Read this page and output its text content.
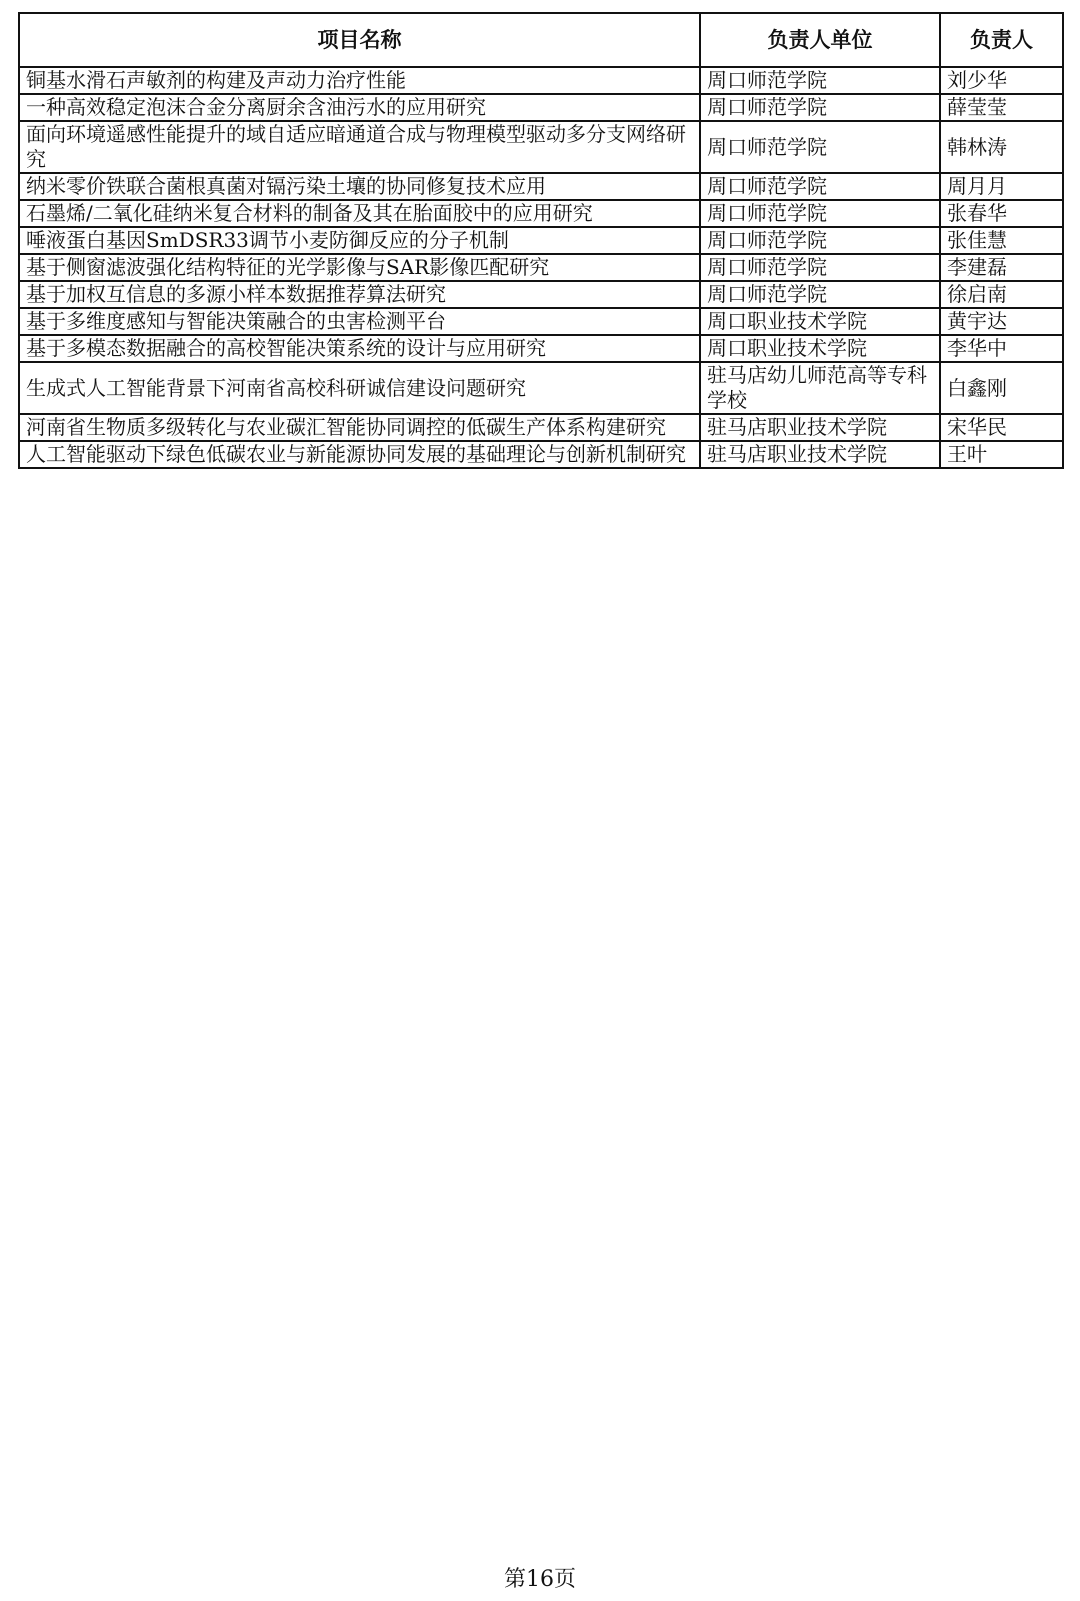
项目名称	负责人单位	负责人
铜基水滑石声敏剂的构建及声动力治疗性能	周口师范学院	刘少华
一种高效稳定泡沫合金分离厨余含油污水的应用研究	周口师范学院	薛莹莹
面向环境遥感性能提升的域自适应暗通道合成与物理模型驱动多分支网络研究	周口师范学院	韩林涛
纳米零价铁联合菌根真菌对镉污染土壤的协同修复技术应用	周口师范学院	周月月
石墨烯/二氧化硅纳米复合材料的制备及其在胎面胶中的应用研究	周口师范学院	张春华
唾液蛋白基因SmDSR33调节小麦防御反应的分子机制	周口师范学院	张佳慧
基于侧窗滤波强化结构特征的光学影像与SAR影像匹配研究	周口师范学院	李建磊
基于加权互信息的多源小样本数据推荐算法研究	周口师范学院	徐启南
基于多维度感知与智能决策融合的虫害检测平台	周口职业技术学院	黄宇达
基于多模态数据融合的高校智能决策系统的设计与应用研究	周口职业技术学院	李华中
生成式人工智能背景下河南省高校科研诚信建设问题研究	驻马店幼儿师范高等专科学校	白鑫刚
河南省生物质多级转化与农业碳汇智能协同调控的低碳生产体系构建研究	驻马店职业技术学院	宋华民
人工智能驱动下绿色低碳农业与新能源协同发展的基础理论与创新机制研究	驻马店职业技术学院	王叶
第16页
